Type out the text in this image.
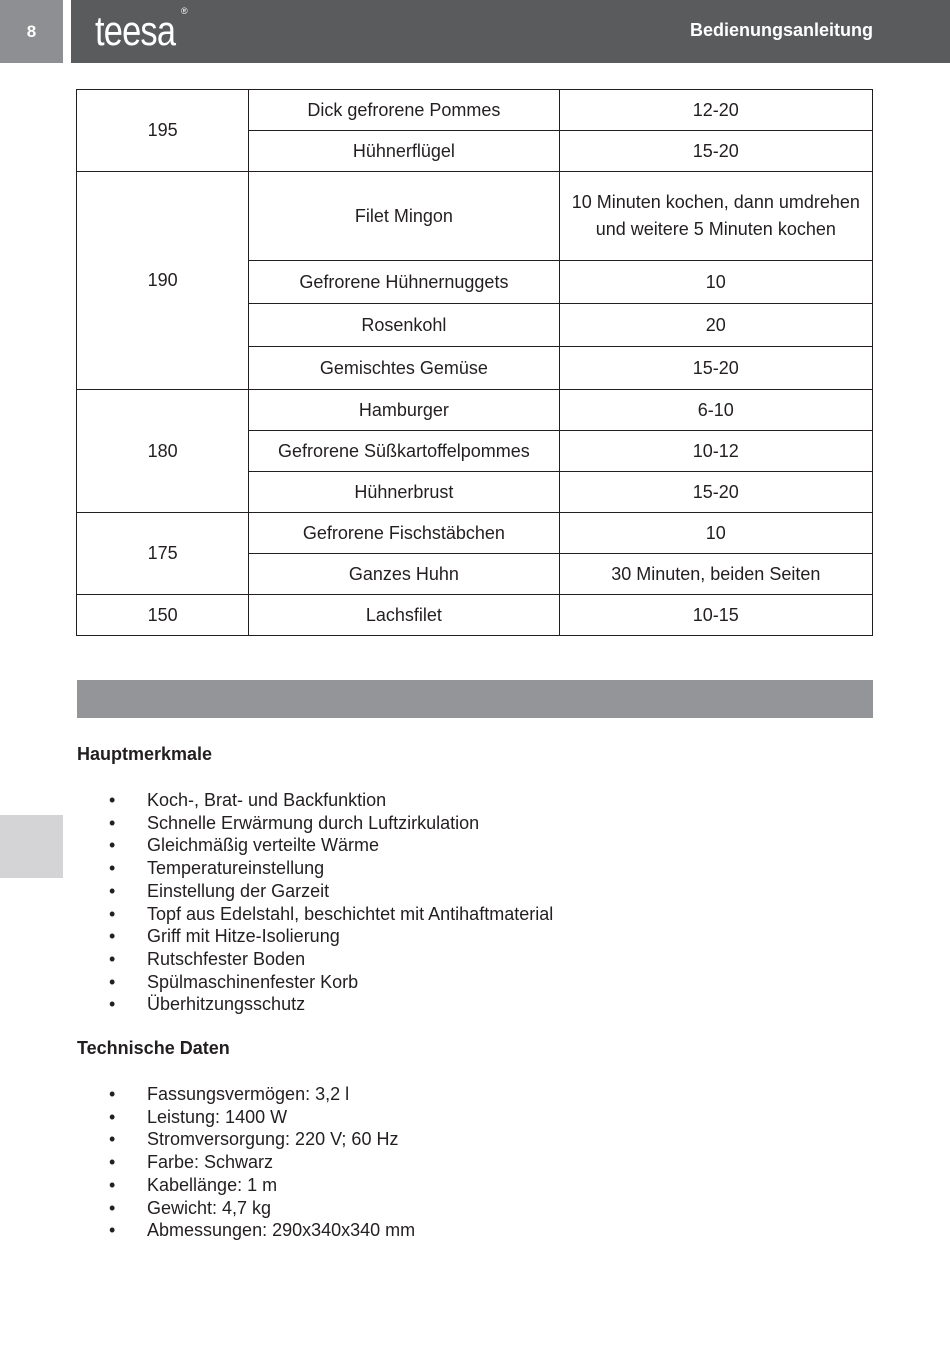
8	teesa ®
Bedienungsanleitung
195	Dick gefrorene Pommes	12-20
	Hühnerflügel	15-20
190	Filet Mingon	10 Minuten kochen, dann umdrehen und weitere 5 Minuten kochen
	Gefrorene Hühnernuggets	10
	Rosenkohl	20
	Gemischtes Gemüse	15-20
180	Hamburger	6-10
	Gefrorene Süßkartoffelpommes	10-12
	Hühnerbrust	15-20
175	Gefrorene Fischstäbchen	10
	Ganzes Huhn	30 Minuten, beiden Seiten
150	Lachsfilet	10-15
Hauptmerkmale
• Koch-, Brat- und Backfunktion
• Schnelle Erwärmung durch Luftzirkulation
• Gleichmäßig verteilte Wärme
• Temperatureinstellung
• Einstellung der Garzeit
• Topf aus Edelstahl, beschichtet mit Antihaftmaterial
• Griff mit Hitze-Isolierung
• Rutschfester Boden
• Spülmaschinenfester Korb
• Überhitzungsschutz
Technische Daten
• Fassungsvermögen: 3,2 l
• Leistung: 1400 W
• Stromversorgung: 220 V; 60 Hz
• Farbe: Schwarz
• Kabellänge: 1 m
• Gewicht: 4,7 kg
• Abmessungen: 290x340x340 mm
